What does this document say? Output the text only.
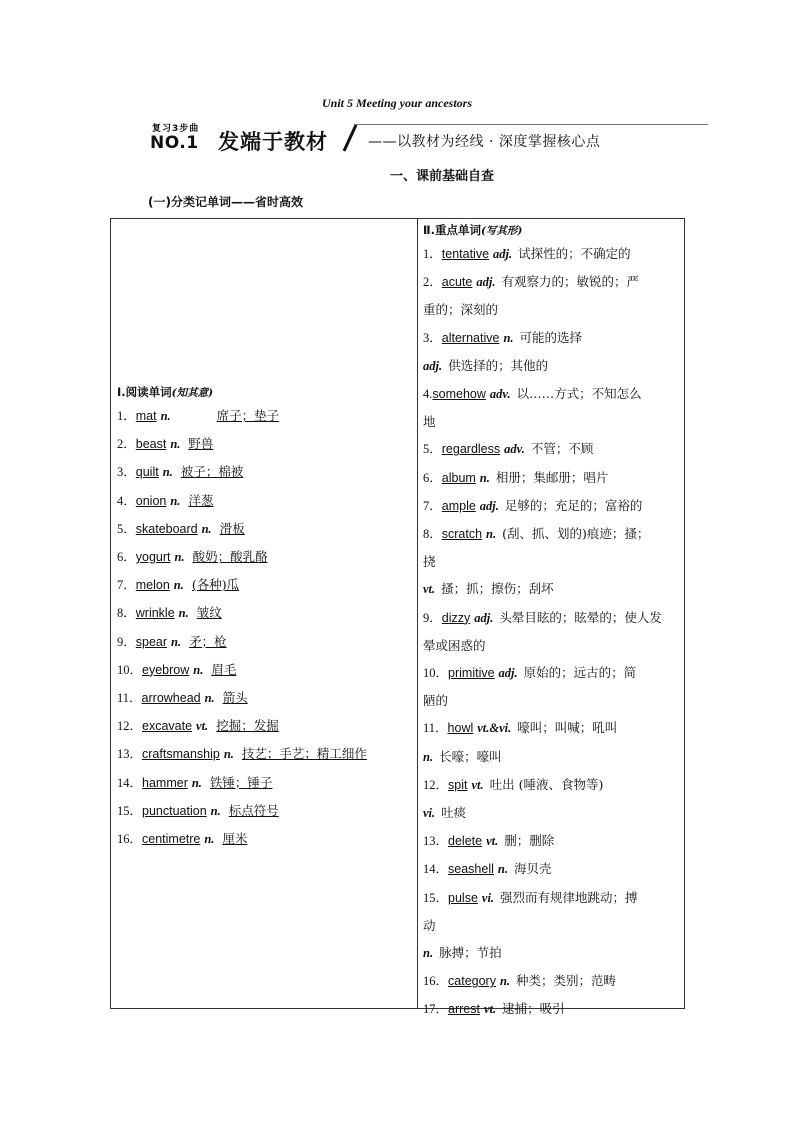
Unit 5 Meeting your ancestors
复习3步曲
NO.1 发端于教材	——以教材为经线 · 深度掌握核心点
一、课前基础自查
(一)分类记单词——省时高效
Ⅰ.阅读单词(知其意)
1．mat n.	席子；垫子
2．beast n. 野兽
3．quilt n. 被子；棉被
4．onion n. 洋葱
5．skateboard n. 滑板
6．yogurt n. 酸奶；酸乳酪
7．melon n. (各种)瓜
8．wrinkle n. 皱纹
9．spear n. 矛；枪
10．eyebrow n. 眉毛
11．arrowhead n. 箭头
12．excavate vt. 挖掘；发掘
13．craftsmanship n. 技艺；手艺；精工细作
14．hammer n. 铁锤；锤子
15．punctuation n. 标点符号
16．centimetre n. 厘米
Ⅱ.重点单词(写其形)
1．tentative adj. 试探性的；不确定的
2．acute adj. 有观察力的；敏锐的；严
重的；深刻的
3．alternative n. 可能的选择
adj. 供选择的；其他的
4.somehow adv. 以……方式；不知怎么
地
5．regardless adv. 不管；不顾
6．album n. 相册；集邮册；唱片
7．ample adj. 足够的；充足的；富裕的
8．scratch n. (刮、抓、划的)痕迹；搔；
挠
vt. 搔；抓；擦伤；刮坏
9．dizzy adj. 头晕目眩的；眩晕的；使人发
晕或困惑的
10．primitive adj. 原始的；远古的；简
陋的
11．howl vt.&vi. 嚎叫；叫喊；吼叫
n. 长嚎；嚎叫
12．spit vt. 吐出 (唾液、食物等)
vi. 吐痰
13．delete vt. 删；删除
14．seashell n. 海贝壳
15．pulse vi. 强烈而有规律地跳动；搏
动
n. 脉搏；节拍
16．category n. 种类；类别；范畴
17．arrest vt. 逮捕；吸引
